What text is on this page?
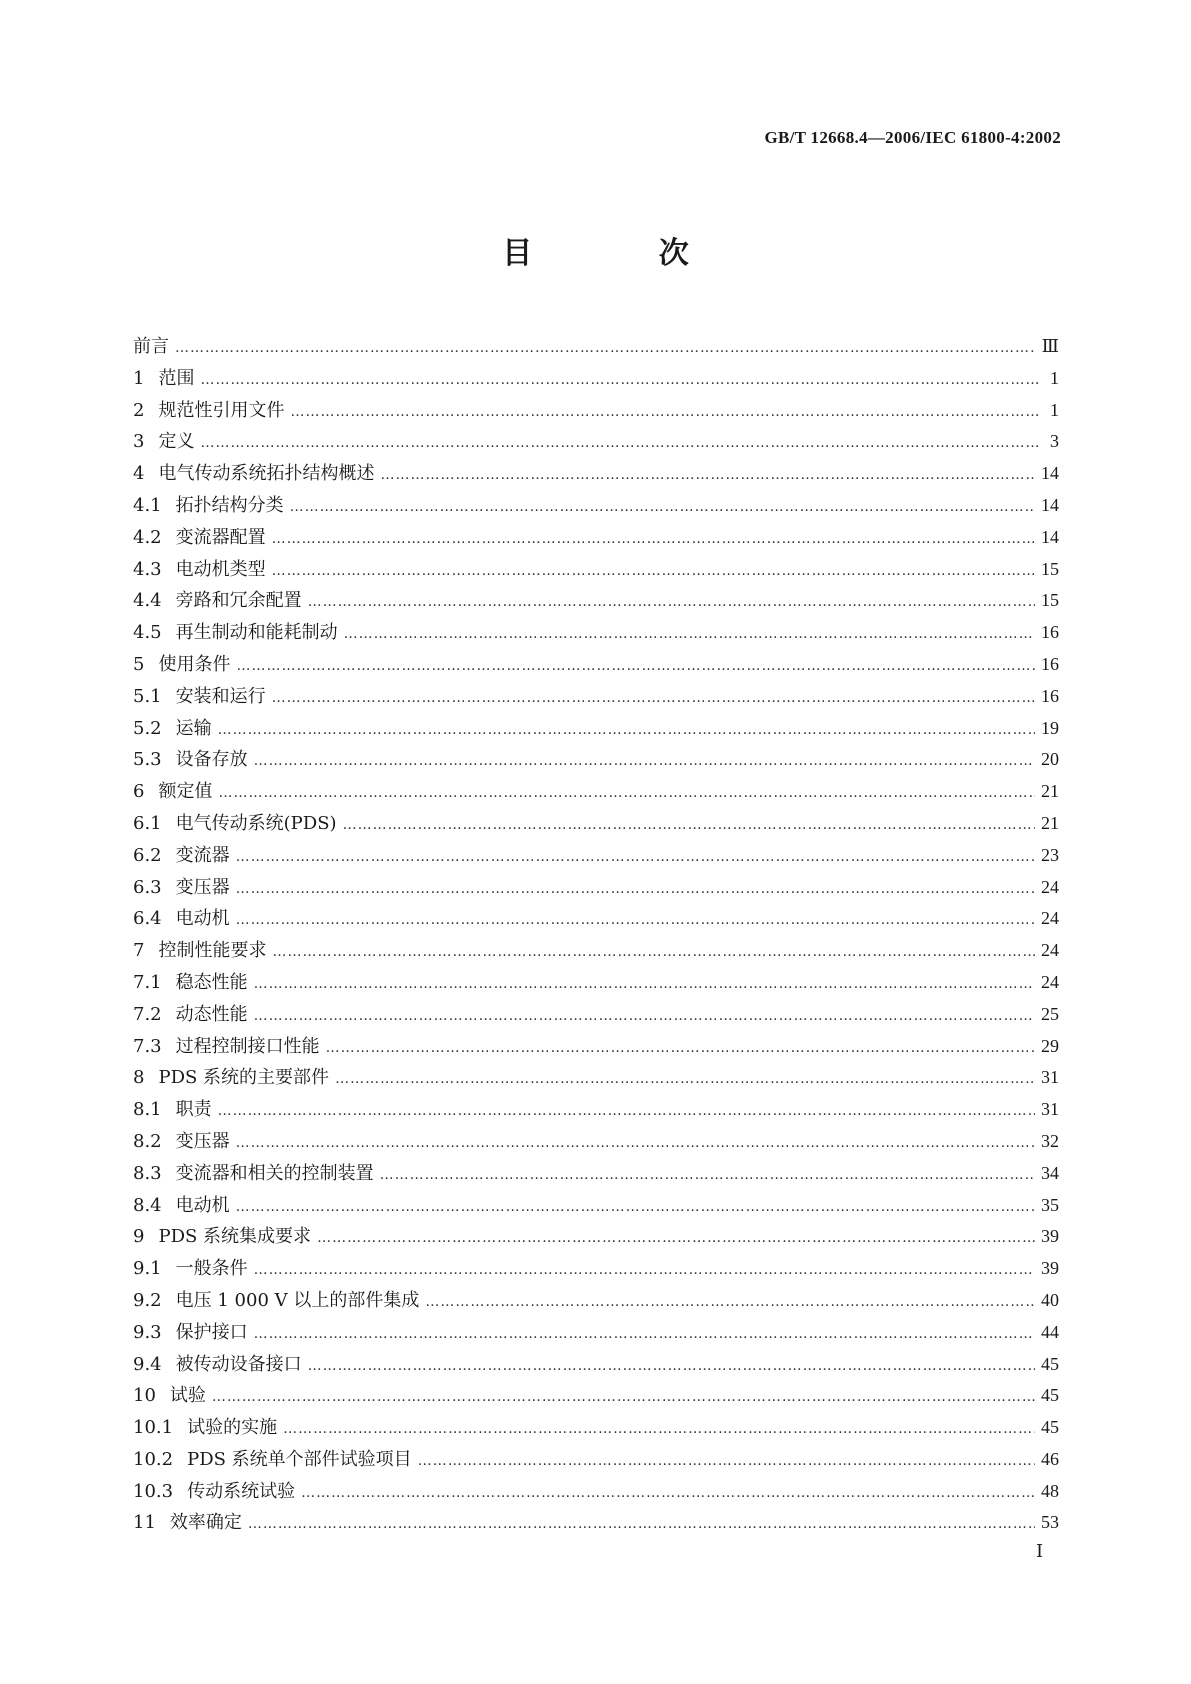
GB/T 12668.4—2006/IEC 61800-4:2002
目 次
前言 …………………………………………………………………………………………………………………………………………………………………………………………………	Ⅲ
1 范围 …………………………………………………………………………………………………………………………………………………………………………………………………	1
2 规范性引用文件 …………………………………………………………………………………………………………………………………………………………………………………………………	1
3 定义 …………………………………………………………………………………………………………………………………………………………………………………………………	3
4 电气传动系统拓扑结构概述 …………………………………………………………………………………………………………………………………………………………………………………………………	14
4.1 拓扑结构分类 …………………………………………………………………………………………………………………………………………………………………………………………………	14
4.2 变流器配置 …………………………………………………………………………………………………………………………………………………………………………………………………	14
4.3 电动机类型 …………………………………………………………………………………………………………………………………………………………………………………………………	15
4.4 旁路和冗余配置 …………………………………………………………………………………………………………………………………………………………………………………………………	15
4.5 再生制动和能耗制动 …………………………………………………………………………………………………………………………………………………………………………………………………	16
5 使用条件 …………………………………………………………………………………………………………………………………………………………………………………………………	16
5.1 安装和运行 …………………………………………………………………………………………………………………………………………………………………………………………………	16
5.2 运输 …………………………………………………………………………………………………………………………………………………………………………………………………	19
5.3 设备存放 …………………………………………………………………………………………………………………………………………………………………………………………………	20
6 额定值 …………………………………………………………………………………………………………………………………………………………………………………………………	21
6.1 电气传动系统(PDS) …………………………………………………………………………………………………………………………………………………………………………………………………	21
6.2 变流器 …………………………………………………………………………………………………………………………………………………………………………………………………	23
6.3 变压器 …………………………………………………………………………………………………………………………………………………………………………………………………	24
6.4 电动机 …………………………………………………………………………………………………………………………………………………………………………………………………	24
7 控制性能要求 …………………………………………………………………………………………………………………………………………………………………………………………………	24
7.1 稳态性能 …………………………………………………………………………………………………………………………………………………………………………………………………	24
7.2 动态性能 …………………………………………………………………………………………………………………………………………………………………………………………………	25
7.3 过程控制接口性能 …………………………………………………………………………………………………………………………………………………………………………………………………	29
8 PDS 系统的主要部件 …………………………………………………………………………………………………………………………………………………………………………………………………	31
8.1 职责 …………………………………………………………………………………………………………………………………………………………………………………………………	31
8.2 变压器 …………………………………………………………………………………………………………………………………………………………………………………………………	32
8.3 变流器和相关的控制装置 …………………………………………………………………………………………………………………………………………………………………………………………………	34
8.4 电动机 …………………………………………………………………………………………………………………………………………………………………………………………………	35
9 PDS 系统集成要求 …………………………………………………………………………………………………………………………………………………………………………………………………	39
9.1 一般条件 …………………………………………………………………………………………………………………………………………………………………………………………………	39
9.2 电压 1 000 V 以上的部件集成 …………………………………………………………………………………………………………………………………………………………………………………………………	40
9.3 保护接口 …………………………………………………………………………………………………………………………………………………………………………………………………	44
9.4 被传动设备接口 …………………………………………………………………………………………………………………………………………………………………………………………………	45
10 试验 …………………………………………………………………………………………………………………………………………………………………………………………………	45
10.1 试验的实施 …………………………………………………………………………………………………………………………………………………………………………………………………	45
10.2 PDS 系统单个部件试验项目 …………………………………………………………………………………………………………………………………………………………………………………………………	46
10.3 传动系统试验 …………………………………………………………………………………………………………………………………………………………………………………………………	48
11 效率确定 …………………………………………………………………………………………………………………………………………………………………………………………………	53
Ⅰ
